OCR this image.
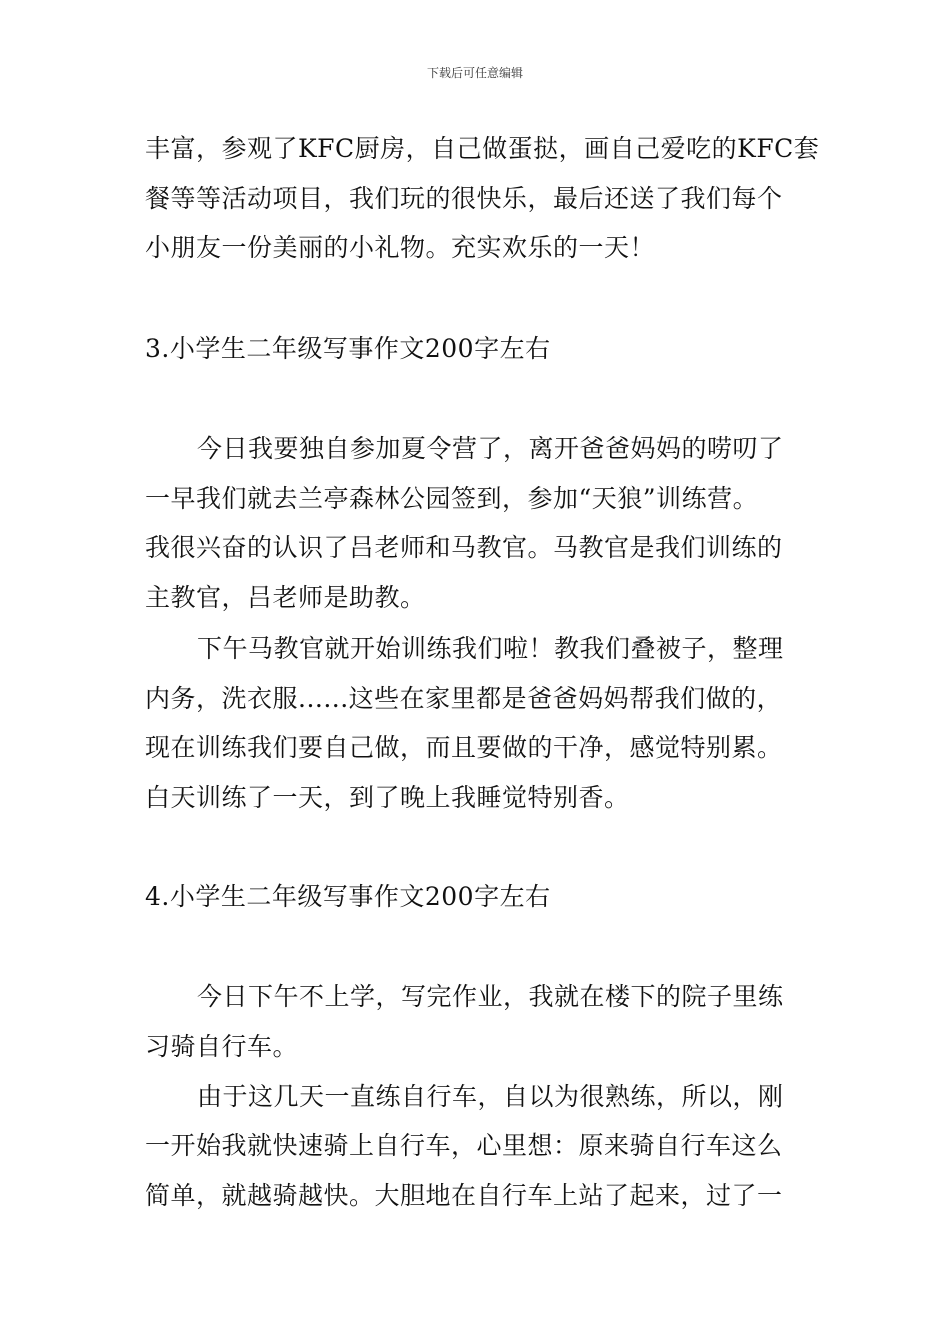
下载后可任意编辑
丰富，参观了KFC厨房，自己做蛋挞，画自己爱吃的KFC套
餐等等活动项目，我们玩的很快乐，最后还送了我们每个
小朋友一份美丽的小礼物。充实欢乐的一天！
3.小学生二年级写事作文200字左右
今日我要独自参加夏令营了，离开爸爸妈妈的唠叨了
一早我们就去兰亭森林公园签到，参加“天狼”训练营。
我很兴奋的认识了吕老师和马教官。马教官是我们训练的
主教官，吕老师是助教。
下午马教官就开始训练我们啦！教我们叠被子，整理
内务，洗衣服......这些在家里都是爸爸妈妈帮我们做的，
现在训练我们要自己做，而且要做的干净，感觉特别累。
白天训练了一天，到了晚上我睡觉特别香。
4.小学生二年级写事作文200字左右
今日下午不上学，写完作业，我就在楼下的院子里练
习骑自行车。
由于这几天一直练自行车，自以为很熟练，所以，刚
一开始我就快速骑上自行车，心里想：原来骑自行车这么
简单，就越骑越快。大胆地在自行车上站了起来，过了一
